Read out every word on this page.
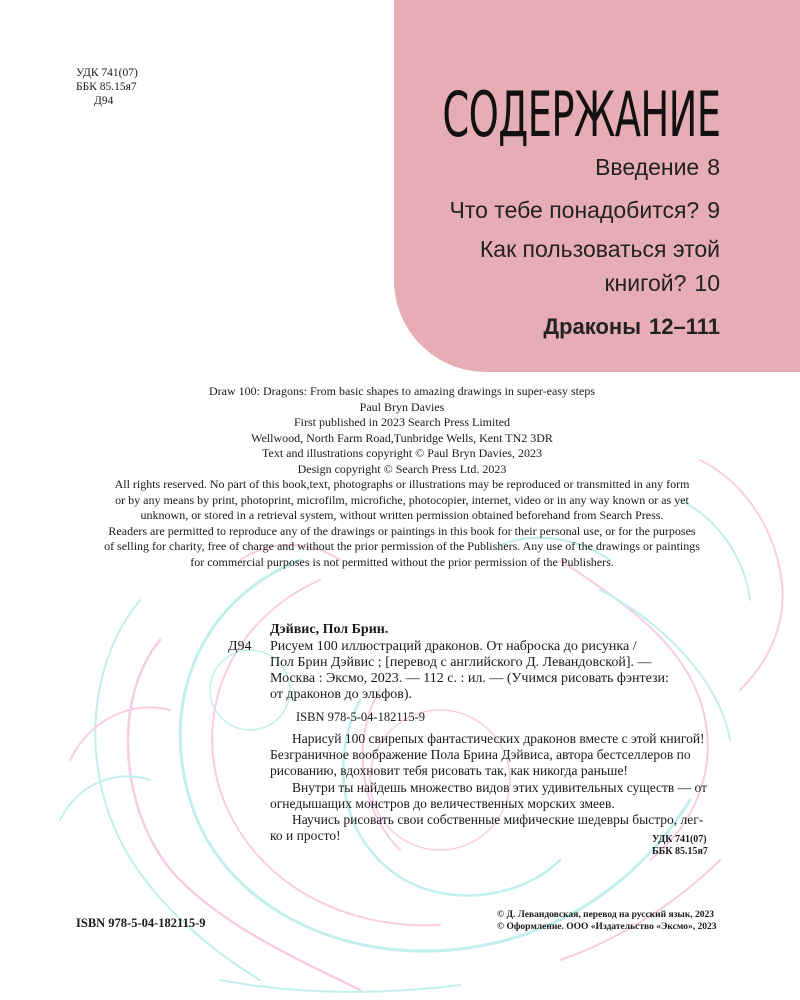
УДК 741(07)
ББК 85.15я7
Д94	СОДЕРЖАНИЕ
Введение 8
Что тебе понадобится? 9
Как пользоваться этой
книгой? 10
Драконы 12–111
Draw 100: Dragons: From basic shapes to amazing drawings in super-easy steps
Paul Bryn Davies
First published in 2023 Search Press Limited
Wellwood, North Farm Road,Tunbridge Wells, Kent TN2 3DR
Text and illustrations copyright © Paul Bryn Davies, 2023
Design copyright © Search Press Ltd. 2023
All rights reserved. No part of this book,text, photographs or illustrations may be reproduced or transmitted in any form
or by any means by print, photoprint, microfilm, microfiche, photocopier, internet, video or in any way known or as yet
unknown, or stored in a retrieval system, without written permission obtained beforehand from Search Press.
Readers are permitted to reproduce any of the drawings or paintings in this book for their personal use, or for the purposes
of selling for charity, free of charge and without the prior permission of the Publishers. Any use of the drawings or paintings
for commercial purposes is not permitted without the prior permission of the Publishers.
Дэйвис, Пол Брин.
Д94 Рисуем 100 иллюстраций драконов. От наброска до рисунка /
Пол Брин Дэйвис ; [перевод с английского Д. Левандовской]. —
Москва : Эксмо, 2023. — 112 с. : ил. — (Учимся рисовать фэнтези:
от драконов до эльфов).
ISBN 978-5-04-182115-9
Нарисуй 100 свирепых фантастических драконов вместе с этой книгой!
Безграничное воображение Пола Брина Дэйвиса, автора бестселлеров по
рисованию, вдохновит тебя рисовать так, как никогда раньше!
Внутри ты найдешь множество видов этих удивительных существ — от
огнедышащих монстров до величественных морских змеев.
Научись рисовать свои собственные мифические шедевры быстро, лег-
ко и просто!	УДК 741(07)
ББК 85.15я7
ISBN 978-5-04-182115-9
© Д. Левандовская, перевод на русский язык, 2023
© Оформление. ООО «Издательство «Эксмо», 2023
